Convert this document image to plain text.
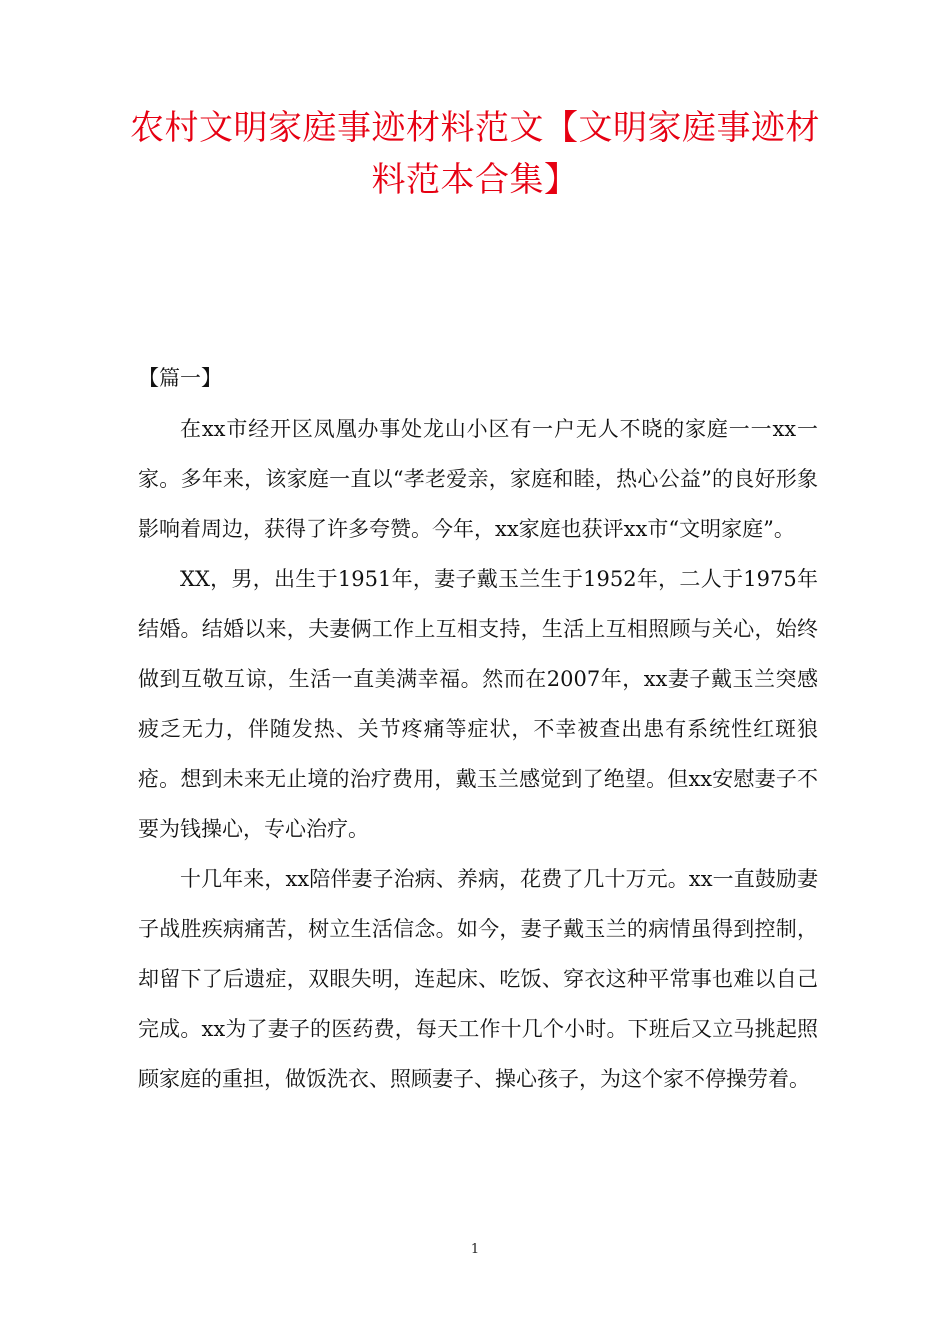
农村文明家庭事迹材料范文【文明家庭事迹材料范本合集】
【篇一】

在xx市经开区凤凰办事处龙山小区有一户无人不晓的家庭一一xx一家。多年来，该家庭一直以“孝老爱亲，家庭和睦，热心公益”的良好形象影响着周边，获得了许多夸赞。今年，xx家庭也获评xx市“文明家庭”。

XX，男，出生于1951年，妻子戴玉兰生于1952年，二人于1975年结婚。结婚以来，夫妻俩工作上互相支持，生活上互相照顾与关心，始终做到互敬互谅，生活一直美满幸福。然而在2007年，xx妻子戴玉兰突感疲乏无力，伴随发热、关节疼痛等症状，不幸被查出患有系统性红斑狼疮。想到未来无止境的治疗费用，戴玉兰感觉到了绝望。但xx安慰妻子不要为钱操心，专心治疗。

十几年来，xx陪伴妻子治病、养病，花费了几十万元。xx一直鼓励妻子战胜疾病痛苦，树立生活信念。如今，妻子戴玉兰的病情虽得到控制，却留下了后遗症，双眼失明，连起床、吃饭、穿衣这种平常事也难以自己完成。xx为了妻子的医药费，每天工作十几个小时。下班后又立马挑起照顾家庭的重担，做饭洗衣、照顾妻子、操心孩子，为这个家不停操劳着。

1
